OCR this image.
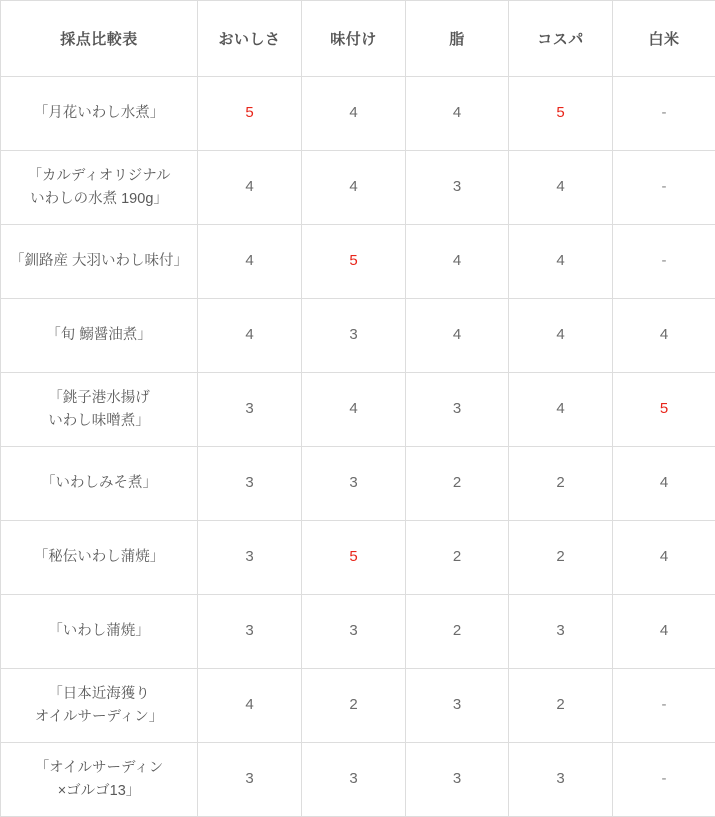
採点比較表	おいしさ	味付け	脂	コスパ	白米

「月花いわし水煮」	5	4	4	5	-

「カルディオリジナル
いわしの水煮 190g」	4	4	3	4	-

「釧路産 大羽いわし味付」	4	5	4	4	-

「旬 鰯醤油煮」	4	3	4	4	4

「銚子港水揚げ
いわし味噌煮」	3	4	3	4	5

「いわしみそ煮」	3	3	2	2	4

「秘伝いわし蒲焼」	3	5	2	2	4

「いわし蒲焼」	3	3	2	3	4

「日本近海獲り
オイルサーディン」	4	2	3	2	-

「オイルサーディン
×ゴルゴ13」	3	3	3	3	-
